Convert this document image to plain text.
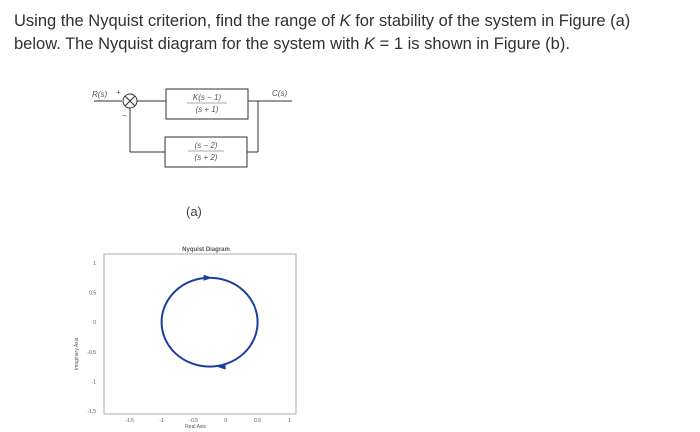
Using the Nyquist criterion, find the range of K for stability of the system in Figure (a)
below. The Nyquist diagram for the system with K = 1 is shown in Figure (b).
R(s) +
K(s − 1)
(s + 1)
C(s)
(s − 2)
(s + 2)
−
(a)
Nyquist Diagram
1
0.5
0
-0.5
-1
-1.5
-1.5	-1	-0.5	0	0.5	1
Imaginary Axis
Real Axis
